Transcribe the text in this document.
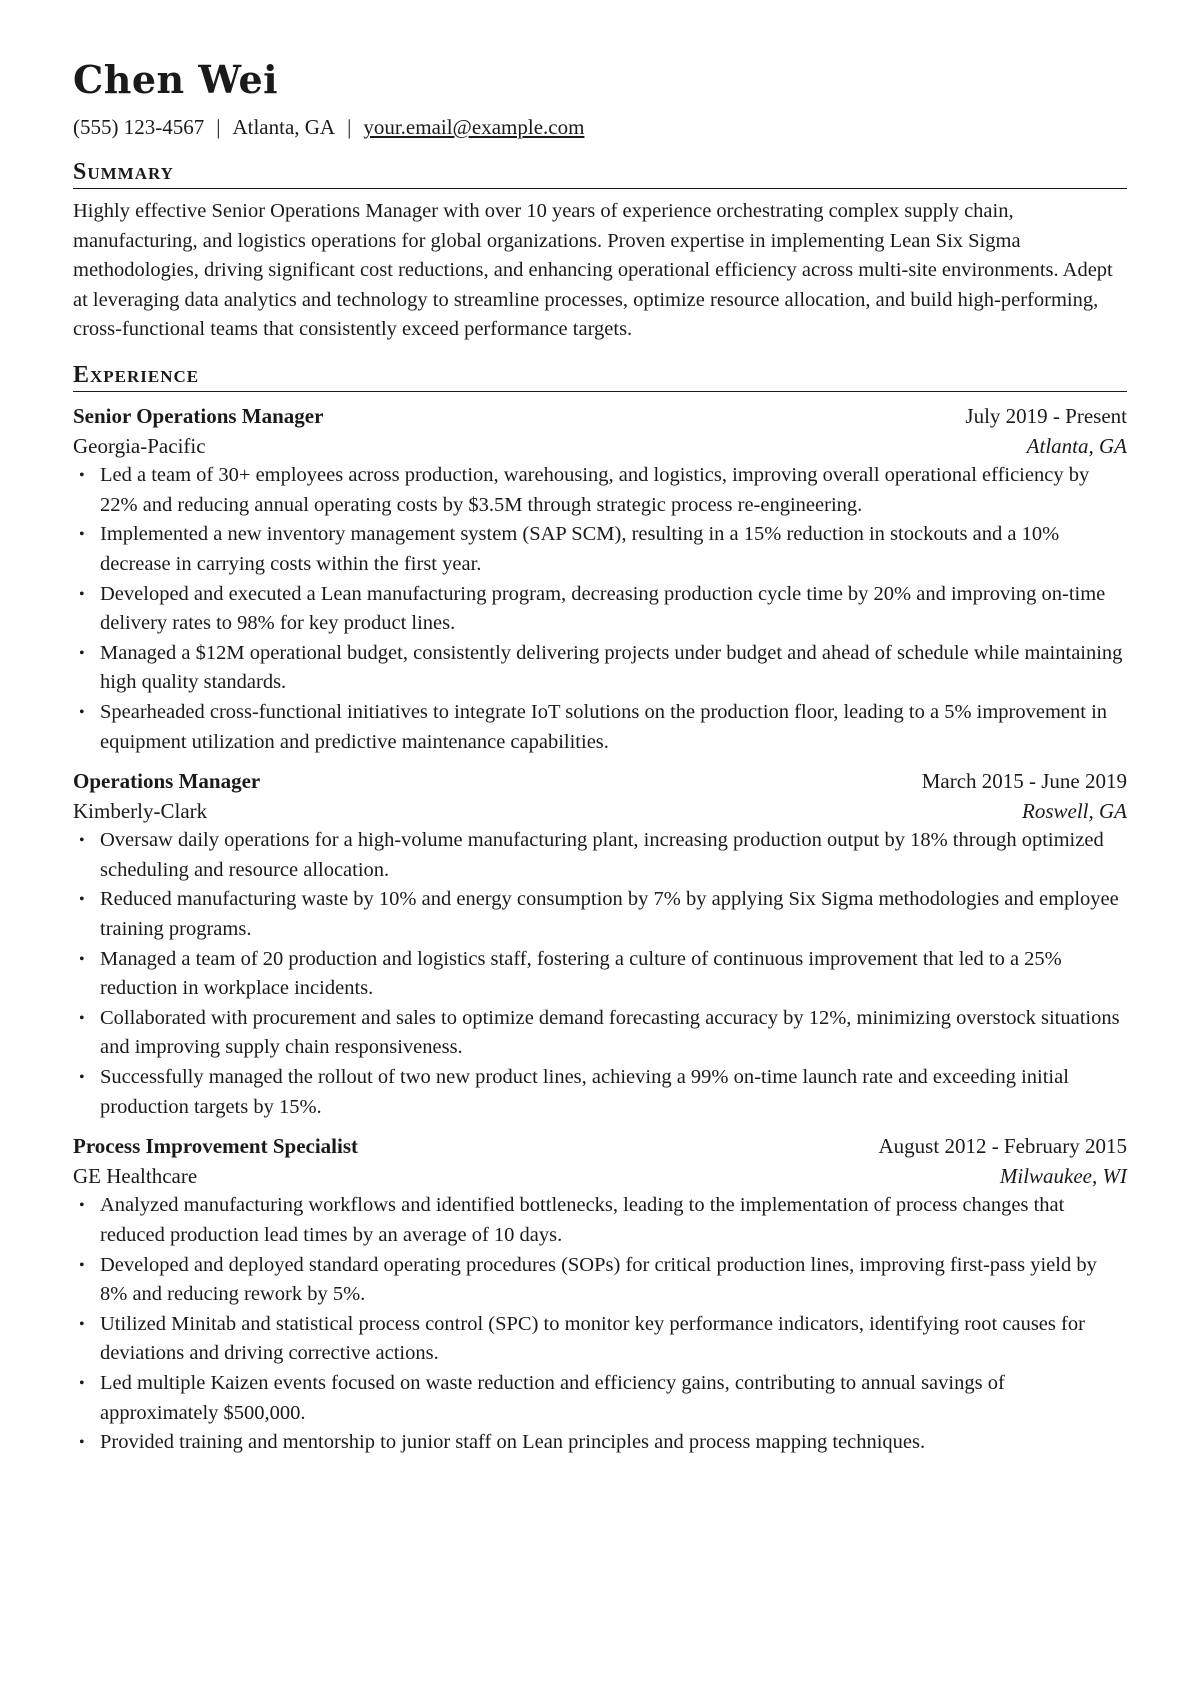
Chen Wei
(555) 123-4567 | Atlanta, GA | your.email@example.com
Summary
Highly effective Senior Operations Manager with over 10 years of experience orchestrating complex supply chain, manufacturing, and logistics operations for global organizations. Proven expertise in implementing Lean Six Sigma methodologies, driving significant cost reductions, and enhancing operational efficiency across multi-site environments. Adept at leveraging data analytics and technology to streamline processes, optimize resource allocation, and build high-performing, cross-functional teams that consistently exceed performance targets.
Experience
Senior Operations Manager	July 2019 - Present
Georgia-Pacific	Atlanta, GA
• Led a team of 30+ employees across production, warehousing, and logistics, improving overall operational efficiency by 22% and reducing annual operating costs by $3.5M through strategic process re-engineering.
• Implemented a new inventory management system (SAP SCM), resulting in a 15% reduction in stockouts and a 10% decrease in carrying costs within the first year.
• Developed and executed a Lean manufacturing program, decreasing production cycle time by 20% and improving on-time delivery rates to 98% for key product lines.
• Managed a $12M operational budget, consistently delivering projects under budget and ahead of schedule while maintaining high quality standards.
• Spearheaded cross-functional initiatives to integrate IoT solutions on the production floor, leading to a 5% improvement in equipment utilization and predictive maintenance capabilities.
Operations Manager	March 2015 - June 2019
Kimberly-Clark	Roswell, GA
• Oversaw daily operations for a high-volume manufacturing plant, increasing production output by 18% through optimized scheduling and resource allocation.
• Reduced manufacturing waste by 10% and energy consumption by 7% by applying Six Sigma methodologies and employee training programs.
• Managed a team of 20 production and logistics staff, fostering a culture of continuous improvement that led to a 25% reduction in workplace incidents.
• Collaborated with procurement and sales to optimize demand forecasting accuracy by 12%, minimizing overstock situations and improving supply chain responsiveness.
• Successfully managed the rollout of two new product lines, achieving a 99% on-time launch rate and exceeding initial production targets by 15%.
Process Improvement Specialist	August 2012 - February 2015
GE Healthcare	Milwaukee, WI
• Analyzed manufacturing workflows and identified bottlenecks, leading to the implementation of process changes that reduced production lead times by an average of 10 days.
• Developed and deployed standard operating procedures (SOPs) for critical production lines, improving first-pass yield by 8% and reducing rework by 5%.
• Utilized Minitab and statistical process control (SPC) to monitor key performance indicators, identifying root causes for deviations and driving corrective actions.
• Led multiple Kaizen events focused on waste reduction and efficiency gains, contributing to annual savings of approximately $500,000.
• Provided training and mentorship to junior staff on Lean principles and process mapping techniques.
